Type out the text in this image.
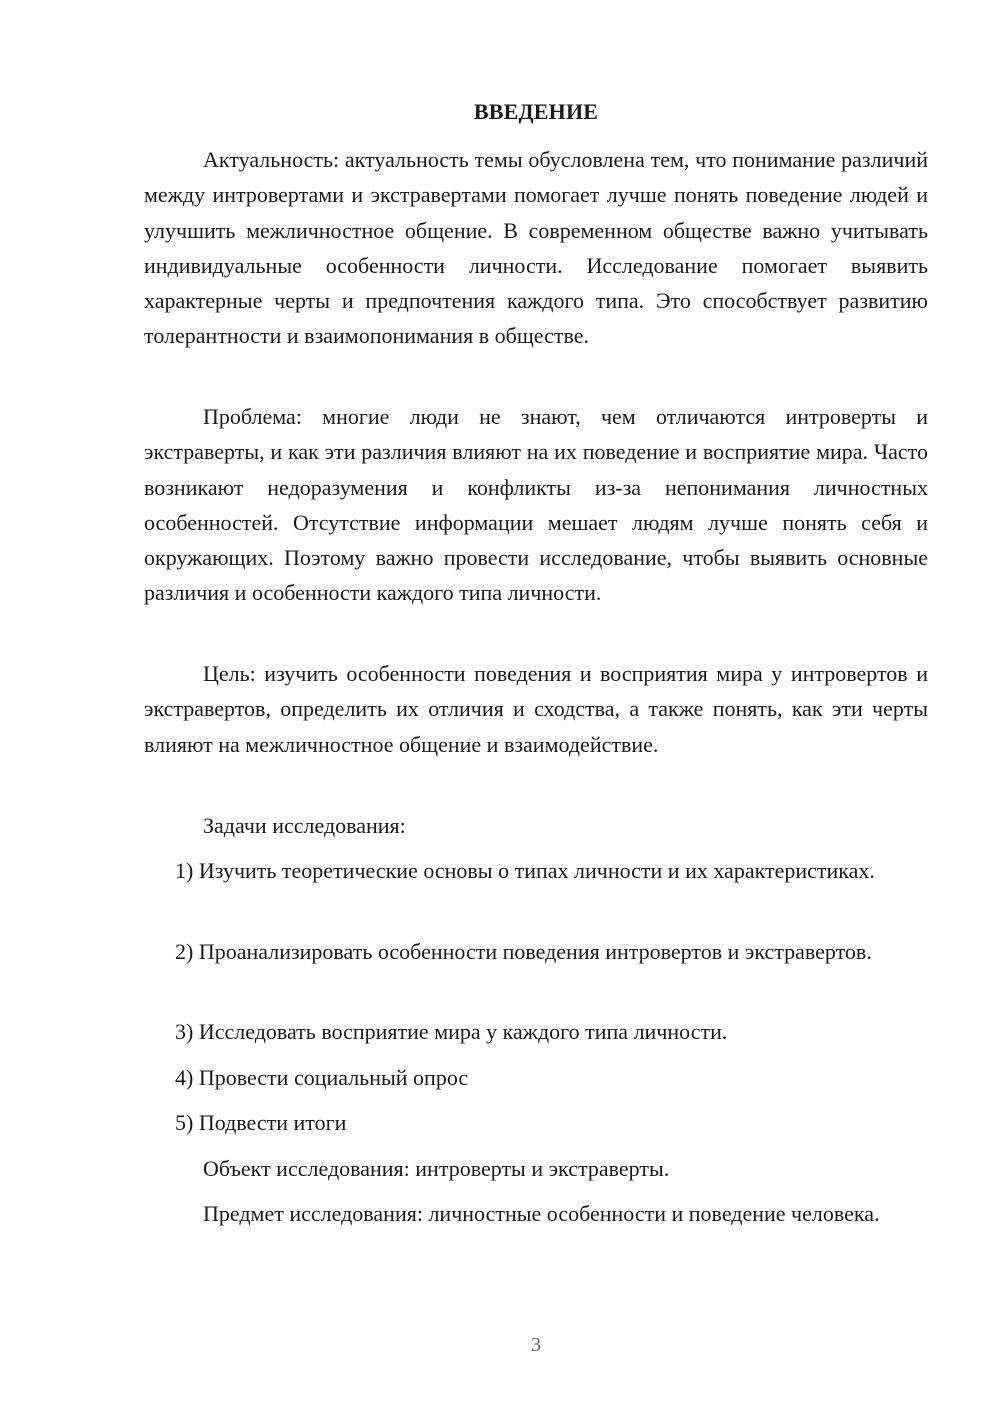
ВВЕДЕНИЕ

Актуальность: актуальность темы обусловлена тем, что понимание различий между интровертами и экстравертами помогает лучше понять поведение людей и улучшить межличностное общение. В современном обществе важно учитывать индивидуальные особенности личности. Исследование помогает выявить характерные черты и предпочтения каждого типа. Это способствует развитию толерантности и взаимопонимания в обществе.

Проблема: многие люди не знают, чем отличаются интроверты и экстраверты, и как эти различия влияют на их поведение и восприятие мира. Часто возникают недоразумения и конфликты из-за непонимания личностных особенностей. Отсутствие информации мешает людям лучше понять себя и окружающих. Поэтому важно провести исследование, чтобы выявить основные различия и особенности каждого типа личности.

Цель: изучить особенности поведения и восприятия мира у интровертов и экстравертов, определить их отличия и сходства, а также понять, как эти черты влияют на межличностное общение и взаимодействие.

Задачи исследования:

1) Изучить теоретические основы о типах личности и их характеристиках.

2) Проанализировать особенности поведения интровертов и экстравертов.

3) Исследовать восприятие мира у каждого типа личности.

4) Провести социальный опрос

5) Подвести итоги

Объект исследования: интроверты и экстраверты.

Предмет исследования: личностные особенности и поведение человека.

3
